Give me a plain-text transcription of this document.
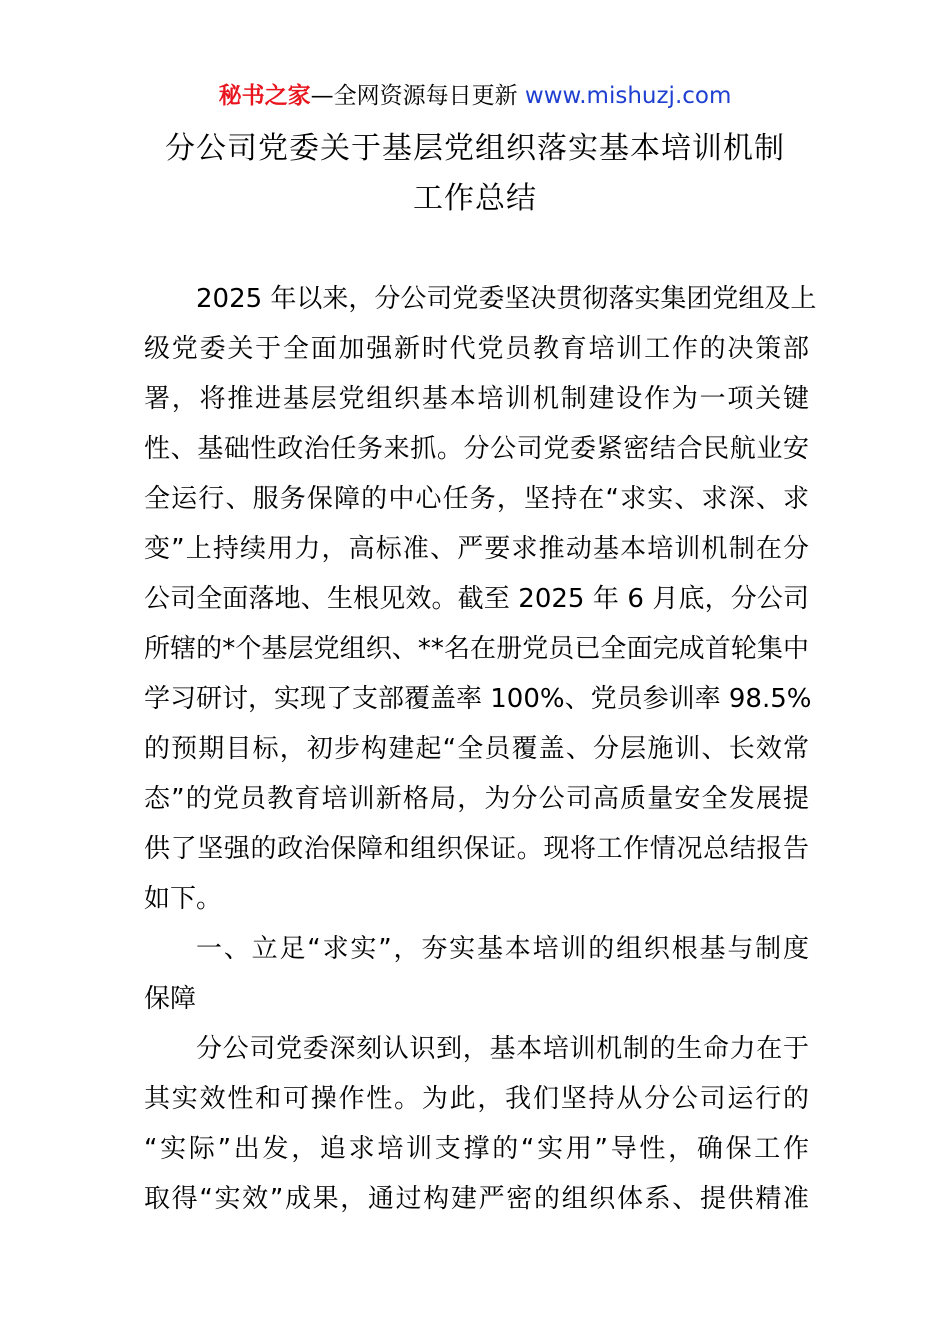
秘书之家—全网资源每日更新 www.mishuzj.com
分公司党委关于基层党组织落实基本培训机制
工作总结
2025 年以来，分公司党委坚决贯彻落实集团党组及上
级党委关于全面加强新时代党员教育培训工作的决策部
署，将推进基层党组织基本培训机制建设作为一项关键
性、基础性政治任务来抓。分公司党委紧密结合民航业安
全运行、服务保障的中心任务，坚持在“求实、求深、求
变”上持续用力，高标准、严要求推动基本培训机制在分
公司全面落地、生根见效。截至 2025 年 6 月底，分公司
所辖的*个基层党组织、**名在册党员已全面完成首轮集中
学习研讨，实现了支部覆盖率 100%、党员参训率 98.5%
的预期目标，初步构建起“全员覆盖、分层施训、长效常
态”的党员教育培训新格局，为分公司高质量安全发展提
供了坚强的政治保障和组织保证。现将工作情况总结报告
如下。
一、立足“求实”，夯实基本培训的组织根基与制度
保障
分公司党委深刻认识到，基本培训机制的生命力在于
其实效性和可操作性。为此，我们坚持从分公司运行的
“实际”出发，追求培训支撑的“实用”导性，确保工作
取得“实效”成果，通过构建严密的组织体系、提供精准
